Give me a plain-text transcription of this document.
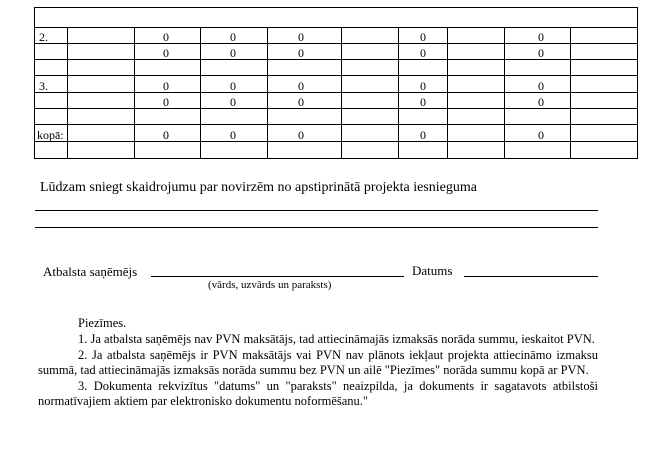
2.	0	0	0	0	0
0	0	0	0	0
3.	0	0	0	0	0
0	0	0	0	0
kopā:	0	0	0	0	0
Lūdzam sniegt skaidrojumu par novirzēm no apstiprinātā projekta iesnieguma
Atbalsta saņēmējs
(vārds, uzvārds un paraksts)
Datums

Piezīmes.

1. Ja atbalsta saņēmējs nav PVN maksātājs, tad attiecināmajās izmaksās norāda summu, ieskaitot PVN.

2. Ja atbalsta saņēmējs ir PVN maksātājs vai PVN nav plānots iekļaut projekta attiecināmo izmaksu summā, tad attiecināmajās izmaksās norāda summu bez PVN un ailē "Piezīmes" norāda summu kopā ar PVN.

3. Dokumenta rekvizītus "datums" un "paraksts" neaizpilda, ja dokuments ir sagatavots atbilstoši normatīvajiem aktiem par elektronisko dokumentu noformēšanu."
